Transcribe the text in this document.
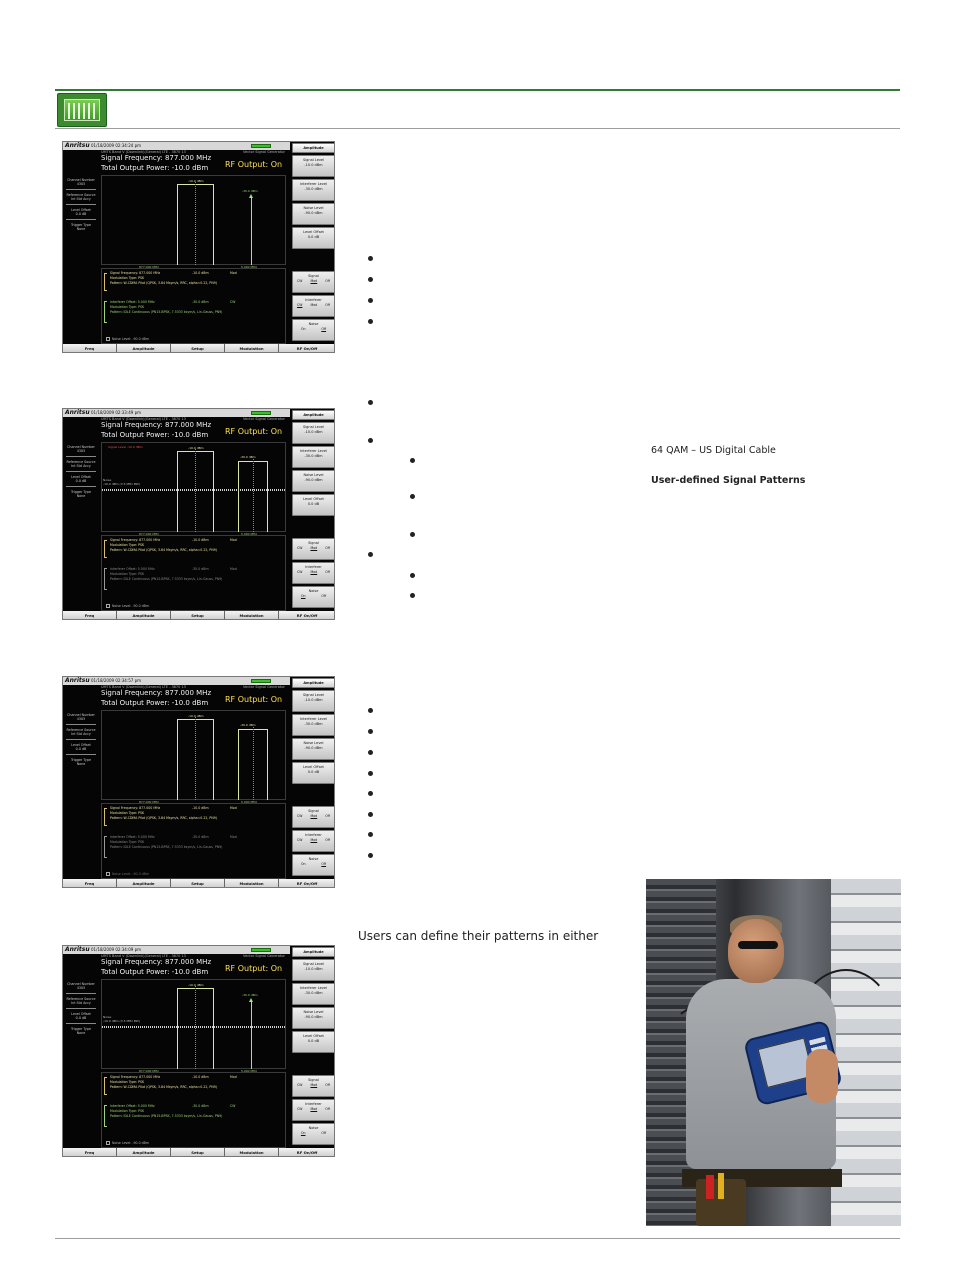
Anritsu 01/18/2009 02:34:24 pm
UMTS Band V (Downlink)(General) LTE - 3870 13	Vector Signal Generator
Signal Frequency: 877.000 MHz
Total Output Power: -10.0 dBm RF Output: On
Channel Number
4305
Reference Source
Int Std Accy
Level Offset
0.0 dB
Trigger Type
None
-10.0 dBm
-30.0 dBm
877.000 MHz	5.000 MHz
Signal Frequency: 877.000 MHz	-10.0 dBm	Mod
Modulation Type: PSK
Pattern: W-CDMA Pilot (QPSK, 3.84 Msym/s, RRC, alpha=0.22, PN9)
Interferer Offset: 5.000 MHz	-30.0 dBm	CW
Modulation Type: PSK
Pattern: IDLE Continuous (PN15-BPSK, 7.5333 ksym/s, Lin-Gauss, PN9)
Noise Level: -90.0 dBm
Amplitude
Signal Level
-10.0 dBm
Interferer Level
-30.0 dBm
Noise Level
-90.0 dBm
Level Offset
0.0 dB
Signal
CW	Mod	Off
Interferer
CW	Mod	Off
Noise
On	Off
Freq	Amplitude	Setup	Modulation	RF On/Off
Anritsu 01/18/2009 02:33:49 pm
UMTS Band V (Downlink)(General) LTE - 3870 13	Vector Signal Generator
Signal Frequency: 877.000 MHz
Total Output Power: -10.0 dBm RF Output: On
Channel Number
4305
Reference Source
Int Std Accy
Level Offset
0.0 dB
Trigger Type
None
Signal Level -10.0 dBm	-10.0 dBm
-30.0 dBm
Noise
-10.0 dBm (3.5 MHz BW)
877.000 MHz	5.000 MHz
Signal Frequency: 877.000 MHz	-10.0 dBm	Mod
Modulation Type: PSK
Pattern: W-CDMA Pilot (QPSK, 3.84 Msym/s, RRC, alpha=0.22, PN9)
Interferer Offset: 5.000 MHz	-30.0 dBm	Mod
Modulation Type: PSK
Pattern: IDLE Continuous (PN15-BPSK, 7.5333 ksym/s, Lin-Gauss, PN9)
Noise Level: -90.0 dBm
Amplitude
Signal Level
-10.0 dBm
Interferer Level
-30.0 dBm
Noise Level
-90.0 dBm
Level Offset
0.0 dB
Signal
CW	Mod	Off
Interferer
CW	Mod	Off
Noise
On	Off
Freq	Amplitude	Setup	Modulation	RF On/Off
Anritsu 01/18/2009 02:34:57 pm
UMTS Band V (Downlink)(General) LTE - 3870 13	Vector Signal Generator
Signal Frequency: 877.000 MHz
Total Output Power: -10.0 dBm RF Output: On
Channel Number
4305
Reference Source
Int Std Accy
Level Offset
0.0 dB
Trigger Type
None
-10.0 dBm
-30.0 dBm
877.000 MHz	5.000 MHz
Signal Frequency: 877.000 MHz	-10.0 dBm	Mod
Modulation Type: PSK
Pattern: W-CDMA Pilot (QPSK, 3.84 Msym/s, RRC, alpha=0.22, PN9)
Interferer Offset: 5.000 MHz	-30.0 dBm	Mod
Modulation Type: PSK
Pattern: IDLE Continuous (PN15-BPSK, 7.5333 ksym/s, Lin-Gauss, PN9)
Noise Level: -90.0 dBm
Amplitude
Signal Level
-10.0 dBm
Interferer Level
-30.0 dBm
Noise Level
-90.0 dBm
Level Offset
0.0 dB
Signal
CW	Mod	Off
Interferer
CW	Mod	Off
Noise
On	Off
Freq	Amplitude	Setup	Modulation	RF On/Off
Anritsu 01/18/2009 02:34:09 pm
UMTS Band V (Downlink)(General) LTE - 3870 13	Vector Signal Generator
Signal Frequency: 877.000 MHz
Total Output Power: -10.0 dBm RF Output: On
Channel Number
4305
Reference Source
Int Std Accy
Level Offset
0.0 dB
Trigger Type
None
-10.0 dBm
-30.0 dBm
Noise
-10.0 dBm (3.5 MHz BW)
877.000 MHz	5.000 MHz
Signal Frequency: 877.000 MHz	-10.0 dBm	Mod
Modulation Type: PSK
Pattern: W-CDMA Pilot (QPSK, 3.84 Msym/s, RRC, alpha=0.22, PN9)
Interferer Offset: 5.000 MHz	-30.0 dBm	CW
Modulation Type: PSK
Pattern: IDLE Continuous (PN15-BPSK, 7.5333 ksym/s, Lin-Gauss, PN9)
Noise Level: -90.0 dBm
Amplitude
Signal Level
-10.0 dBm
Interferer Level
-30.0 dBm
Noise Level
-90.0 dBm
Level Offset
0.0 dB
Signal
CW	Mod	Off
Interferer
CW	Mod	Off
Noise
On	Off
Freq	Amplitude	Setup	Modulation	RF On/Off
64 QAM – US Digital Cable
User-defined Signal Patterns
Users can define their patterns in either
